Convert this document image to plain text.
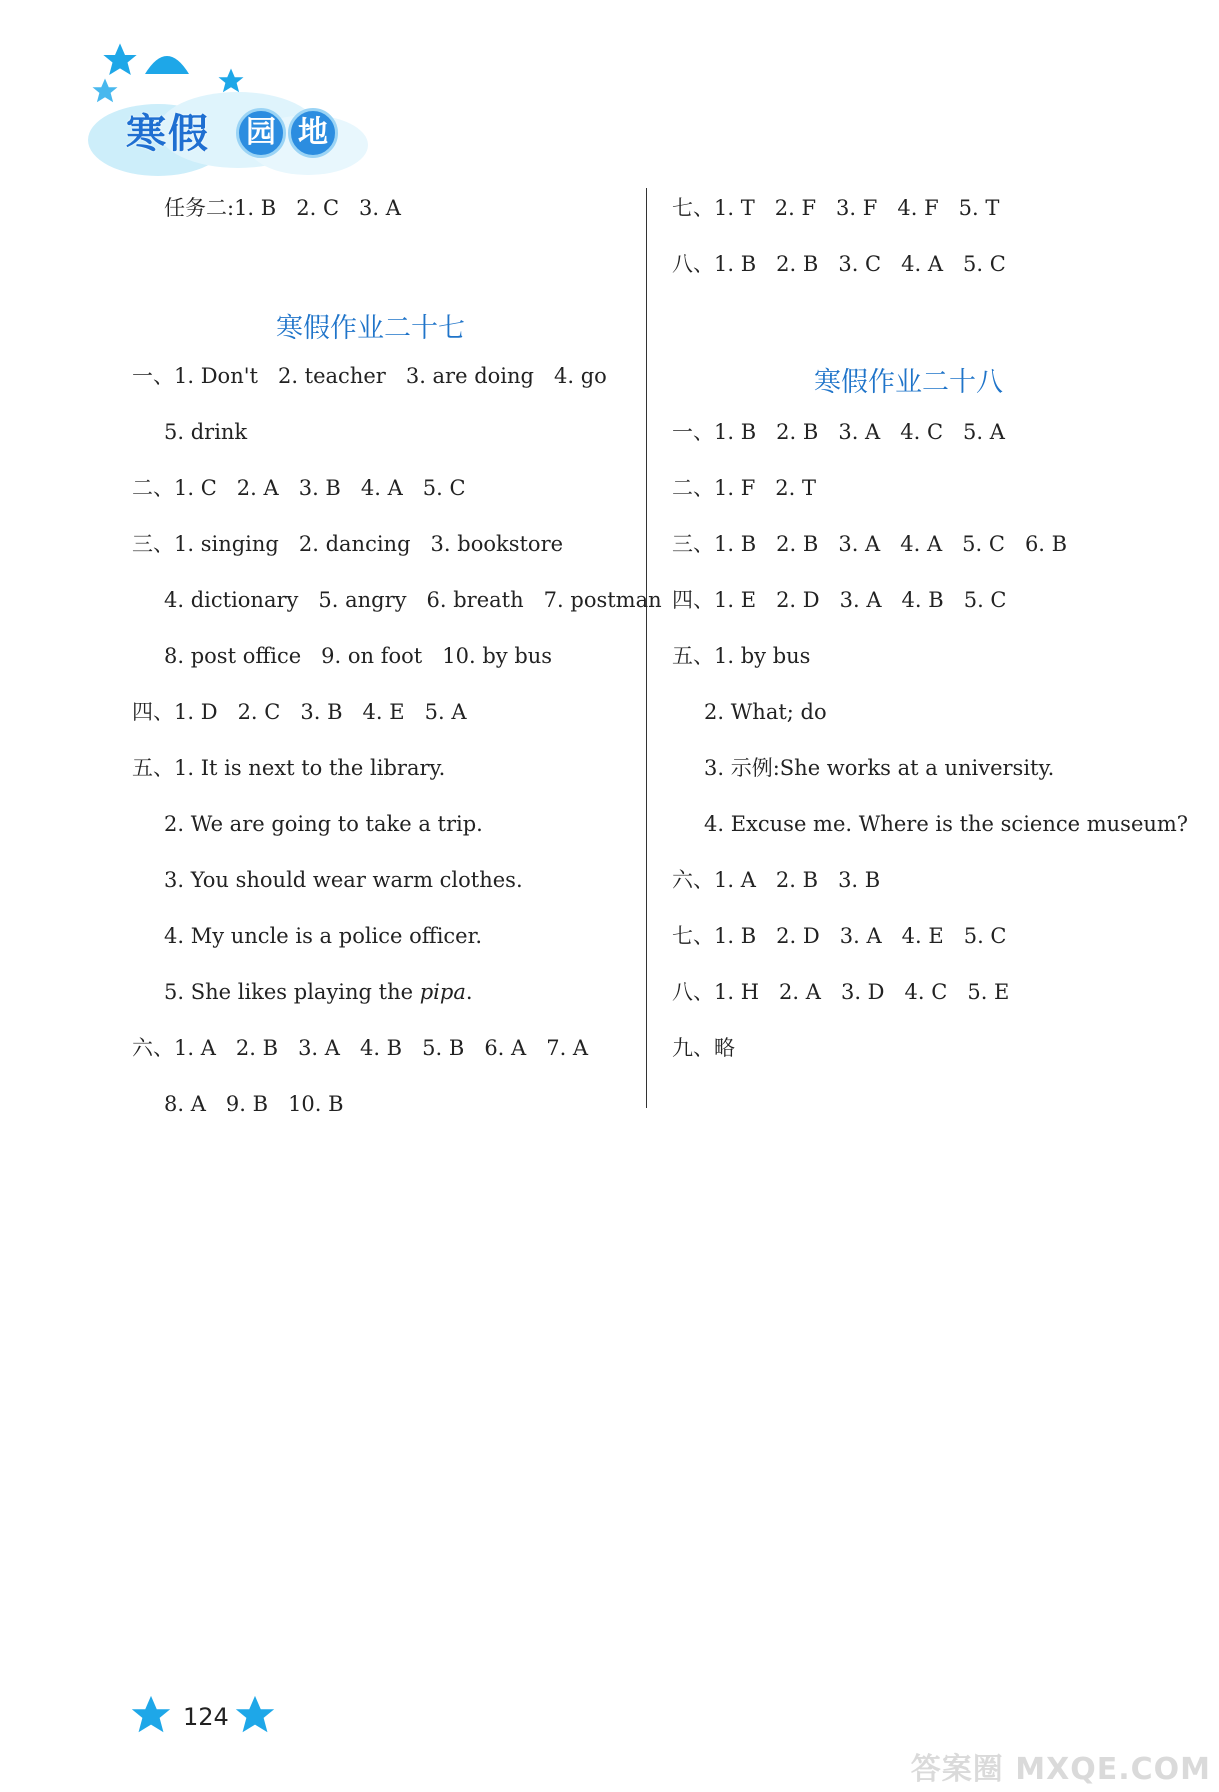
寒假	园 地
任务二:1. B   2. C   3. A
寒假作业二十七
一、1. Don't   2. teacher   3. are doing   4. go
5. drink
二、1. C   2. A   3. B   4. A   5. C
三、1. singing   2. dancing   3. bookstore
4. dictionary   5. angry   6. breath   7. postman
8. post office   9. on foot   10. by bus
四、1. D   2. C   3. B   4. E   5. A
五、1. It is next to the library.
2. We are going to take a trip.
3. You should wear warm clothes.
4. My uncle is a police officer.
5. She likes playing the pipa.
六、1. A   2. B   3. A   4. B   5. B   6. A   7. A
8. A   9. B   10. B
七、1. T   2. F   3. F   4. F   5. T
八、1. B   2. B   3. C   4. A   5. C
寒假作业二十八
一、1. B   2. B   3. A   4. C   5. A
二、1. F   2. T
三、1. B   2. B   3. A   4. A   5. C   6. B
四、1. E   2. D   3. A   4. B   5. C
五、1. by bus
2. What; do
3. 示例:She works at a university.
4. Excuse me. Where is the science museum?
六、1. A   2. B   3. B
七、1. B   2. D   3. A   4. E   5. C
八、1. H   2. A   3. D   4. C   5. E
九、略
124
答案圈 MXQE.COM
